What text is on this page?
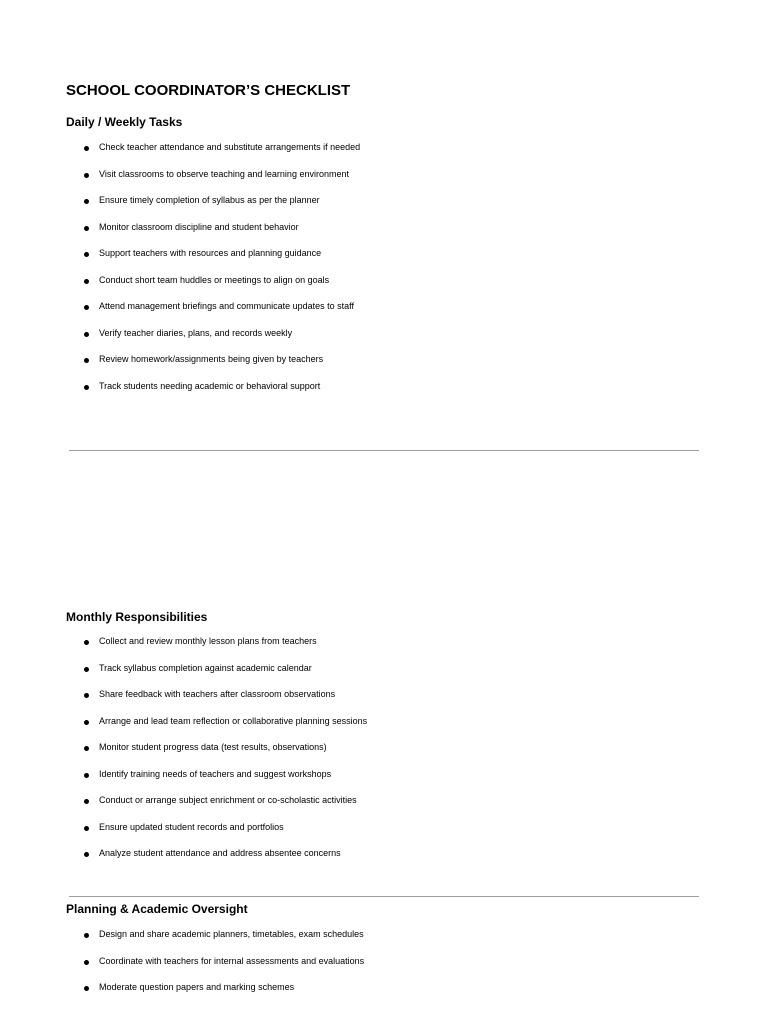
SCHOOL COORDINATOR’S CHECKLIST
Daily / Weekly Tasks
Check teacher attendance and substitute arrangements if needed
Visit classrooms to observe teaching and learning environment
Ensure timely completion of syllabus as per the planner
Monitor classroom discipline and student behavior
Support teachers with resources and planning guidance
Conduct short team huddles or meetings to align on goals
Attend management briefings and communicate updates to staff
Verify teacher diaries, plans, and records weekly
Review homework/assignments being given by teachers
Track students needing academic or behavioral support
Monthly Responsibilities
Collect and review monthly lesson plans from teachers
Track syllabus completion against academic calendar
Share feedback with teachers after classroom observations
Arrange and lead team reflection or collaborative planning sessions
Monitor student progress data (test results, observations)
Identify training needs of teachers and suggest workshops
Conduct or arrange subject enrichment or co-scholastic activities
Ensure updated student records and portfolios
Analyze student attendance and address absentee concerns
Planning & Academic Oversight
Design and share academic planners, timetables, exam schedules
Coordinate with teachers for internal assessments and evaluations
Moderate question papers and marking schemes
